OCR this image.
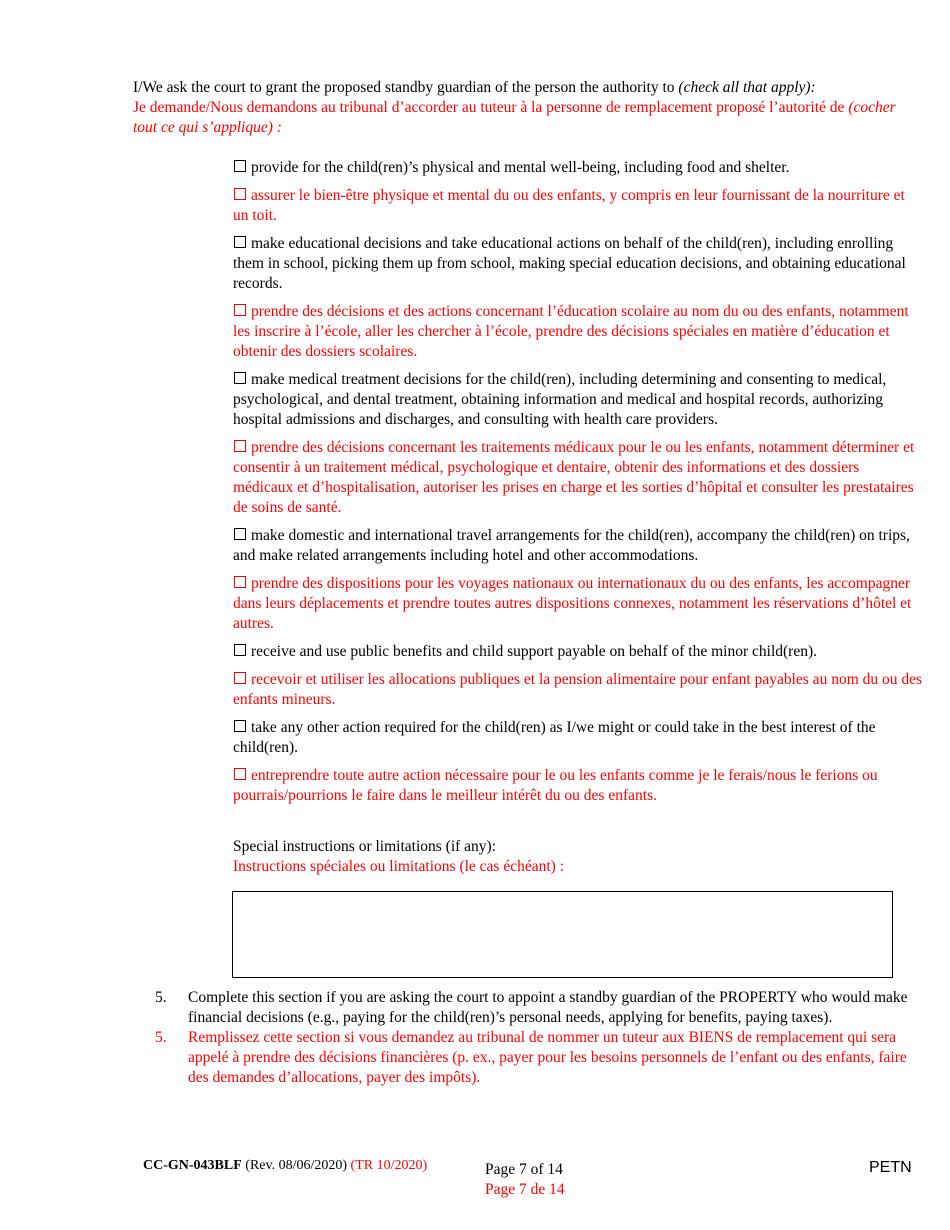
I/We ask the court to grant the proposed standby guardian of the person the authority to (check all that apply):

Je demande/Nous demandons au tribunal d’accorder au tuteur à la personne de remplacement proposé l’autorité de (cocher tout ce qui s’applique) :

provide for the child(ren)’s physical and mental well-being, including food and shelter.

assurer le bien-être physique et mental du ou des enfants, y compris en leur fournissant de la nourriture et un toit.

make educational decisions and take educational actions on behalf of the child(ren), including enrolling them in school, picking them up from school, making special education decisions, and obtaining educational records.

prendre des décisions et des actions concernant l’éducation scolaire au nom du ou des enfants, notamment les inscrire à l’école, aller les chercher à l’école, prendre des décisions spéciales en matière d’éducation et obtenir des dossiers scolaires.

make medical treatment decisions for the child(ren), including determining and consenting to medical, psychological, and dental treatment, obtaining information and medical and hospital records, authorizing hospital admissions and discharges, and consulting with health care providers.

prendre des décisions concernant les traitements médicaux pour le ou les enfants, notamment déterminer et consentir à un traitement médical, psychologique et dentaire, obtenir des informations et des dossiers médicaux et d’hospitalisation, autoriser les prises en charge et les sorties d’hôpital et consulter les prestataires de soins de santé.

make domestic and international travel arrangements for the child(ren), accompany the child(ren) on trips, and make related arrangements including hotel and other accommodations.

prendre des dispositions pour les voyages nationaux ou internationaux du ou des enfants, les accompagner dans leurs déplacements et prendre toutes autres dispositions connexes, notamment les réservations d’hôtel et autres.

receive and use public benefits and child support payable on behalf of the minor child(ren).

recevoir et utiliser les allocations publiques et la pension alimentaire pour enfant payables au nom du ou des enfants mineurs.

take any other action required for the child(ren) as I/we might or could take in the best interest of the child(ren).

entreprendre toute autre action nécessaire pour le ou les enfants comme je le ferais/nous le ferions ou pourrais/pourrions le faire dans le meilleur intérêt du ou des enfants.

Special instructions or limitations (if any):

Instructions spéciales ou limitations (le cas échéant) :

5.	Complete this section if you are asking the court to appoint a standby guardian of the PROPERTY who would make financial decisions (e.g., paying for the child(ren)’s personal needs, applying for benefits, paying taxes).
5.	Remplissez cette section si vous demandez au tribunal de nommer un tuteur aux BIENS de remplacement qui sera appelé à prendre des décisions financières (p. ex., payer pour les besoins personnels de l’enfant ou des enfants, faire des demandes d’allocations, payer des impôts).
CC-GN-043BLF (Rev. 08/06/2020) (TR 10/2020)	Page 7 of 14

Page 7 de 14

PETN
